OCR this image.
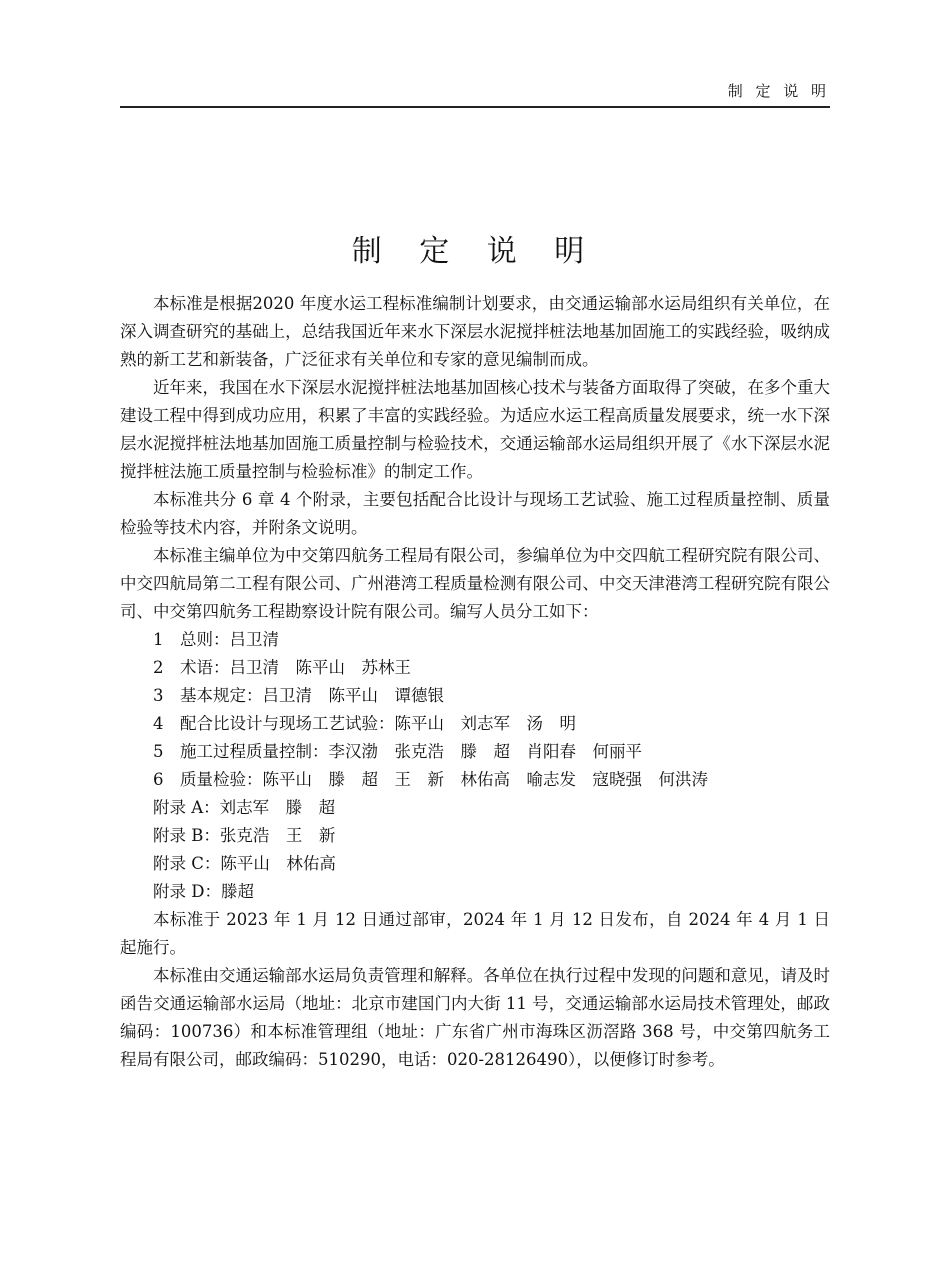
制 定 说 明
制 定 说 明

本标准是根据2020 年度水运工程标准编制计划要求，由交通运输部水运局组织有关单位，在深入调查研究的基础上，总结我国近年来水下深层水泥搅拌桩法地基加固施工的实践经验，吸纳成熟的新工艺和新装备，广泛征求有关单位和专家的意见编制而成。

近年来，我国在水下深层水泥搅拌桩法地基加固核心技术与装备方面取得了突破，在多个重大建设工程中得到成功应用，积累了丰富的实践经验。为适应水运工程高质量发展要求，统一水下深层水泥搅拌桩法地基加固施工质量控制与检验技术，交通运输部水运局组织开展了《水下深层水泥搅拌桩法施工质量控制与检验标准》的制定工作。

本标准共分 6 章 4 个附录，主要包括配合比设计与现场工艺试验、施工过程质量控制、质量检验等技术内容，并附条文说明。

本标准主编单位为中交第四航务工程局有限公司，参编单位为中交四航工程研究院有限公司、中交四航局第二工程有限公司、广州港湾工程质量检测有限公司、中交天津港湾工程研究院有限公司、中交第四航务工程勘察设计院有限公司。编写人员分工如下：

1　总则：吕卫清

2　术语：吕卫清　陈平山　苏林王

3　基本规定：吕卫清　陈平山　谭德银

4　配合比设计与现场工艺试验：陈平山　刘志军　汤　明

5　施工过程质量控制：李汉渤　张克浩　滕　超　肖阳春　何丽平

6　质量检验：陈平山　滕　超　王　新　林佑高　喻志发　寇晓强　何洪涛

附录 A：刘志军　滕　超

附录 B：张克浩　王　新

附录 C：陈平山　林佑高

附录 D：滕超

本标准于 2023 年 1 月 12 日通过部审，2024 年 1 月 12 日发布，自 2024 年 4 月 1 日起施行。

本标准由交通运输部水运局负责管理和解释。各单位在执行过程中发现的问题和意见，请及时函告交通运输部水运局（地址：北京市建国门内大街 11 号，交通运输部水运局技术管理处，邮政编码：100736）和本标准管理组（地址：广东省广州市海珠区沥滘路 368 号，中交第四航务工程局有限公司，邮政编码：510290，电话：020-28126490），以便修订时参考。
